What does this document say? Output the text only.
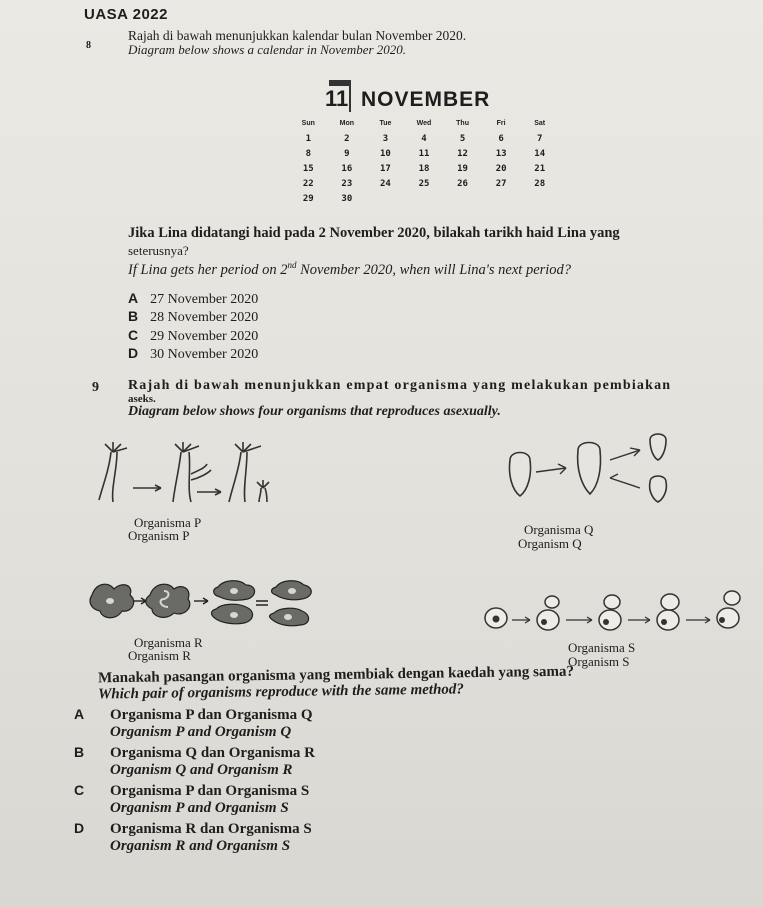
UASA 2022
8
Rajah di bawah menunjukkan kalendar bulan November 2020.
Diagram below shows a calendar in November 2020.
11 NOVEMBER
Sun	Mon	Tue	Wed	Thu	Fri	Sat
1	2	3	4	5	6	7
8	9	10	11	12	13	14
15	16	17	18	19	20	21
22	23	24	25	26	27	28
29	30
Jika Lina didatangi haid pada 2 November 2020, bilakah tarikh haid Lina yang
seterusnya?
If Lina gets her period on 2nd November 2020, when will Lina's next period?
A 27 November 2020
B 28 November 2020
C 29 November 2020
D 30 November 2020
9 Rajah di bawah menunjukkan empat organisma yang melakukan pembiakan
aseks.
Diagram below shows four organisms that reproduces asexually.
Organisma P
Organism P	Organisma Q
Organism Q
Organisma R
Organism R
Organisma S
Organism S
Manakah pasangan organisma yang membiak dengan kaedah yang sama?
Which pair of organisms reproduce with the same method?
A Organisma P dan Organisma Q
Organism P and Organism Q
B Organisma Q dan Organisma R
Organism Q and Organism R
C Organisma P dan Organisma S
Organism P and Organism S
D Organisma R dan Organisma S
Organism R and Organism S
